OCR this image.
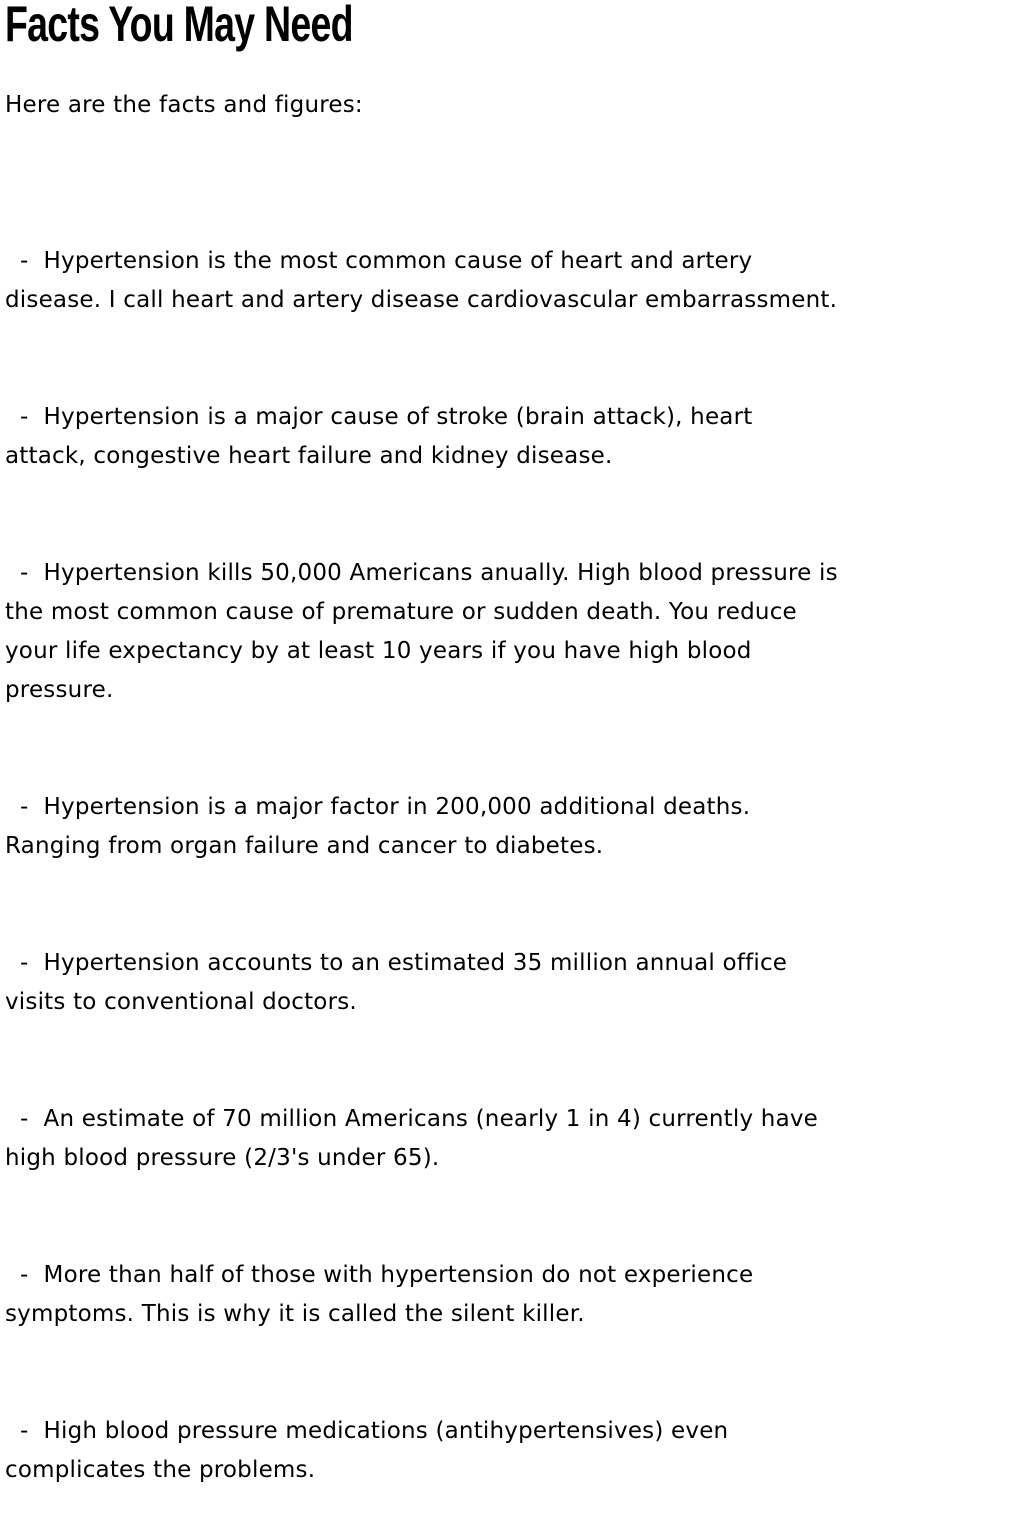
Facts You May Need

Here are the facts and figures:

-  Hypertension is the most common cause of heart and artery
disease. I call heart and artery disease cardiovascular embarrassment.

-  Hypertension is a major cause of stroke (brain attack), heart
attack, congestive heart failure and kidney disease.

-  Hypertension kills 50,000 Americans anually. High blood pressure is
the most common cause of premature or sudden death. You reduce
your life expectancy by at least 10 years if you have high blood
pressure.

-  Hypertension is a major factor in 200,000 additional deaths.
Ranging from organ failure and cancer to diabetes.

-  Hypertension accounts to an estimated 35 million annual office
visits to conventional doctors.

-  An estimate of 70 million Americans (nearly 1 in 4) currently have
high blood pressure (2/3's under 65).

-  More than half of those with hypertension do not experience
symptoms. This is why it is called the silent killer.

-  High blood pressure medications (antihypertensives) even
complicates the problems.
